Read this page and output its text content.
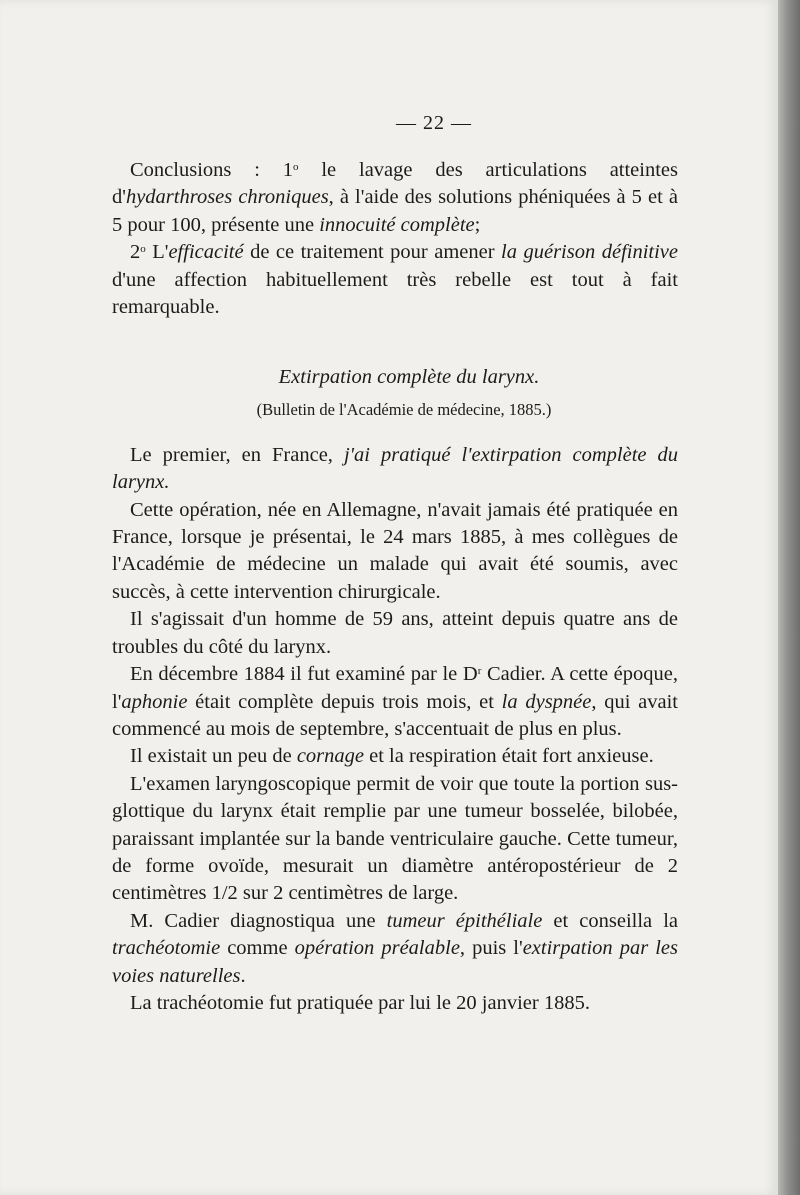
— 22 —

Conclusions : 1$^o$ le lavage des articulations atteintes d'hydarthroses chroniques, à l'aide des solutions phéniquées à 5 et à 5 pour 100, présente une innocuité complète;

2$^o$ L'efficacité de ce traitement pour amener la guérison définitive d'une affection habituellement très rebelle est tout à fait remarquable.

Extirpation complète du larynx.
(Bulletin de l'Académie de médecine, 1885.)

Le premier, en France, j'ai pratiqué l'extirpation complète du larynx.

Cette opération, née en Allemagne, n'avait jamais été pratiquée en France, lorsque je présentai, le 24 mars 1885, à mes collègues de l'Académie de médecine un malade qui avait été soumis, avec succès, à cette intervention chirurgicale.

Il s'agissait d'un homme de 59 ans, atteint depuis quatre ans de troubles du côté du larynx.

En décembre 1884 il fut examiné par le $D^r$ Cadier. A cette époque, l'aphonie était complète depuis trois mois, et la dyspnée, qui avait commencé au mois de septembre, s'accentuait de plus en plus.

Il existait un peu de cornage et la respiration était fort anxieuse.

L'examen laryngoscopique permit de voir que toute la portion sus-glottique du larynx était remplie par une tumeur bosselée, bilobée, paraissant implantée sur la bande ventriculaire gauche. Cette tumeur, de forme ovoïde, mesurait un diamètre antéropostérieur de 2 centimètres 1/2 sur 2 centimètres de large.

M. Cadier diagnostiqua une tumeur épithéliale et conseilla la trachéotomie comme opération préalable, puis l'extirpation par les voies naturelles.

La trachéotomie fut pratiquée par lui le 20 janvier 1885.
